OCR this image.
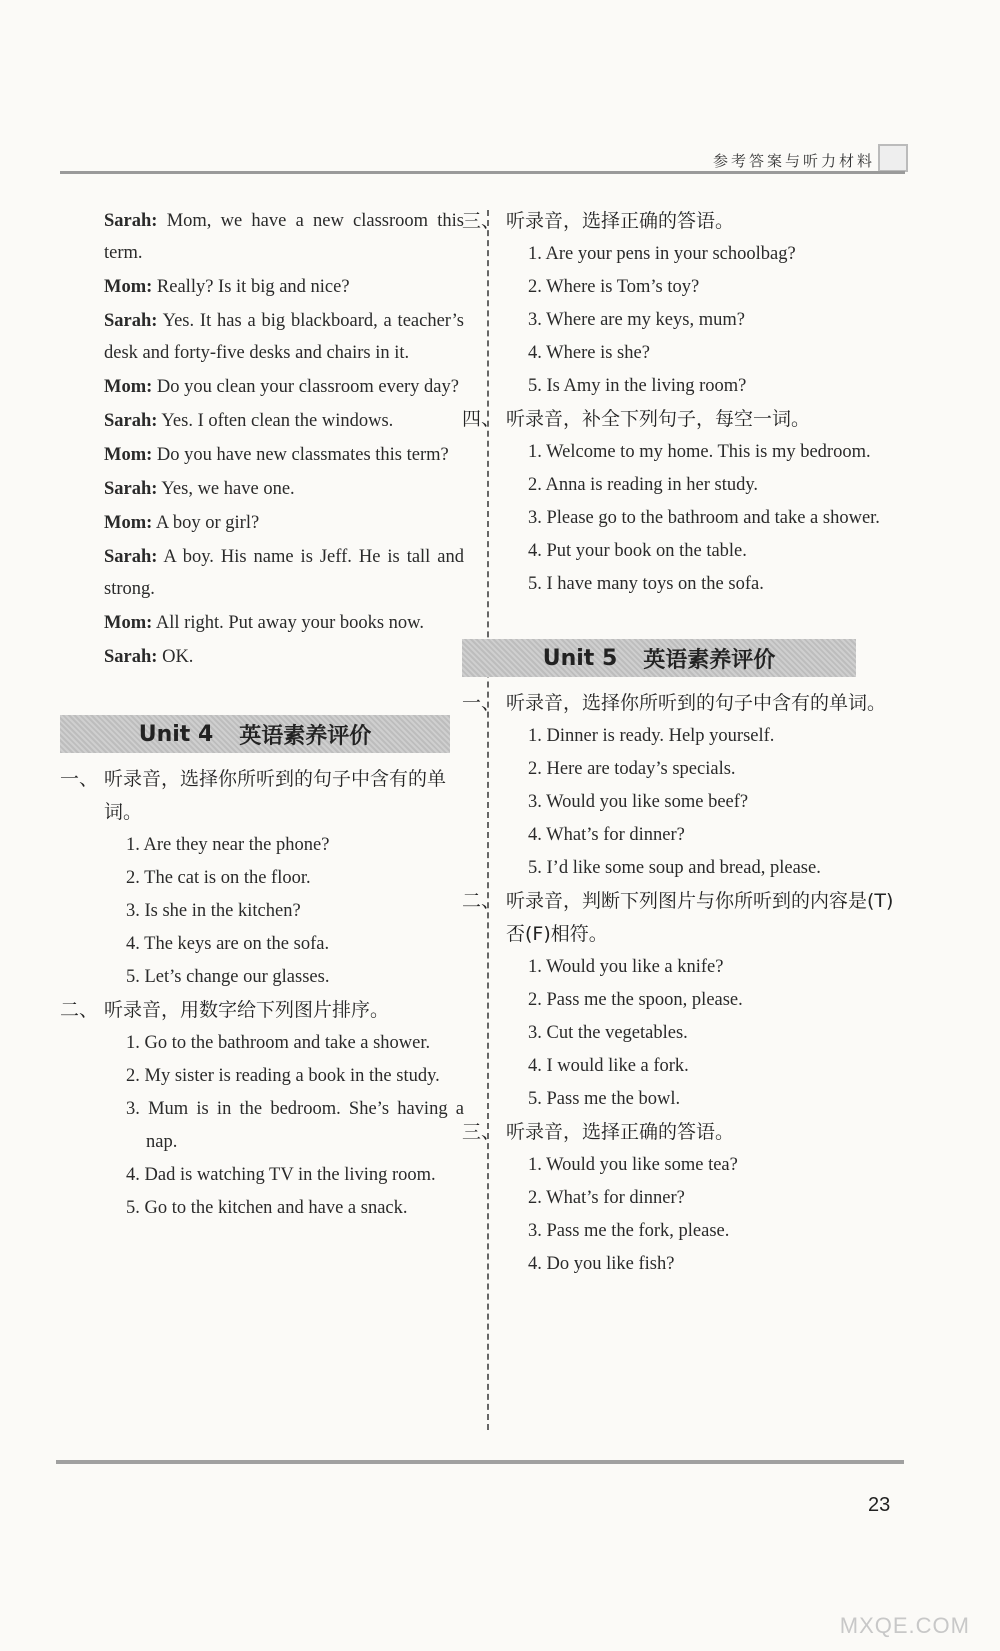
参考答案与听力材料

Sarah: Mom, we have a new classroom this term.

Mom: Really? Is it big and nice?

Sarah: Yes. It has a big blackboard, a teacher’s desk and forty-five desks and chairs in it.

Mom: Do you clean your classroom every day?

Sarah: Yes. I often clean the windows.

Mom: Do you have new classmates this term?

Sarah: Yes, we have one.

Mom: A boy or girl?

Sarah: A boy. His name is Jeff. He is tall and strong.

Mom: All right. Put away your books now.

Sarah: OK.

Unit 4 英语素养评价
一、 听录音，选择你所听到的句子中含有的单词。
1. Are they near the phone?
2. The cat is on the floor.
3. Is she in the kitchen?
4. The keys are on the sofa.
5. Let’s change our glasses.
二、 听录音，用数字给下列图片排序。
1. Go to the bathroom and take a shower.
2. My sister is reading a book in the study.
3. Mum is in the bedroom. She’s having a nap.
4. Dad is watching TV in the living room.
5. Go to the kitchen and have a snack.
三、 听录音，选择正确的答语。
1. Are your pens in your schoolbag?
2. Where is Tom’s toy?
3. Where are my keys, mum?
4. Where is she?
5. Is Amy in the living room?
四、 听录音，补全下列句子，每空一词。
1. Welcome to my home. This is my bedroom.
2. Anna is reading in her study.
3. Please go to the bathroom and take a shower.
4. Put your book on the table.
5. I have many toys on the sofa.
Unit 5 英语素养评价
一、 听录音，选择你所听到的句子中含有的单词。
1. Dinner is ready. Help yourself.
2. Here are today’s specials.
3. Would you like some beef?
4. What’s for dinner?
5. I’d like some soup and bread, please.
二、 听录音，判断下列图片与你所听到的内容是(T)否(F)相符。
1. Would you like a knife?
2. Pass me the spoon, please.
3. Cut the vegetables.
4. I would like a fork.
5. Pass me the bowl.
三、 听录音，选择正确的答语。
1. Would you like some tea?
2. What’s for dinner?
3. Pass me the fork, please.
4. Do you like fish?
23
MXQE.COM
